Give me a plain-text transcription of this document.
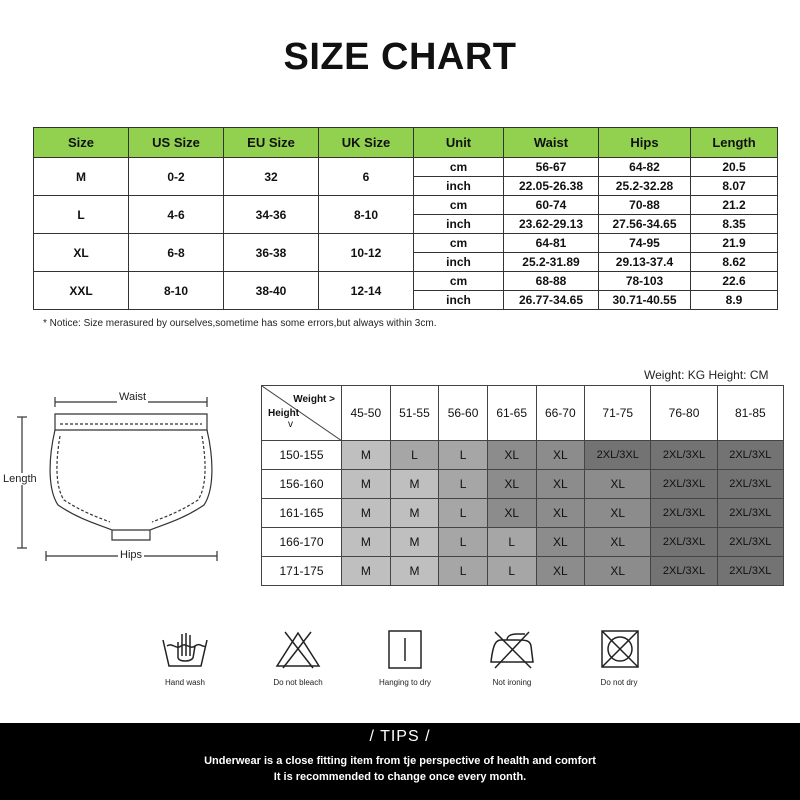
SIZE CHART
Size	US Size	EU Size	UK Size	Unit	Waist	Hips	Length
M	0-2	32	6	cm	56-67	64-82	20.5
				inch	22.05-26.38	25.2-32.28	8.07
L	4-6	34-36	8-10	cm	60-74	70-88	21.2
				inch	23.62-29.13	27.56-34.65	8.35
XL	6-8	36-38	10-12	cm	64-81	74-95	21.9
				inch	25.2-31.89	29.13-37.4	8.62
XXL	8-10	38-40	12-14	cm	68-88	78-103	22.6
				inch	26.77-34.65	30.71-40.55	8.9
* Notice: Size merasured by ourselves,sometime has some errors,but always within 3cm.
Waist
Length
Hips
Weight: KG Height: CM
Weight >
Height
v	45-50	51-55	56-60	61-65	66-70	71-75	76-80	81-85
150-155	M	L	L	XL	XL	2XL/3XL	2XL/3XL	2XL/3XL
156-160	M	M	L	XL	XL	XL	2XL/3XL	2XL/3XL
161-165	M	M	L	XL	XL	XL	2XL/3XL	2XL/3XL
166-170	M	M	L	L	XL	XL	2XL/3XL	2XL/3XL
171-175	M	M	L	L	XL	XL	2XL/3XL	2XL/3XL
Hand wash	Do not bleach	Hanging to dry	Not ironing	Do not dry
/ TIPS /
Underwear is a close fitting item from tje perspective of health and comfort
It is recommended to change once every month.
